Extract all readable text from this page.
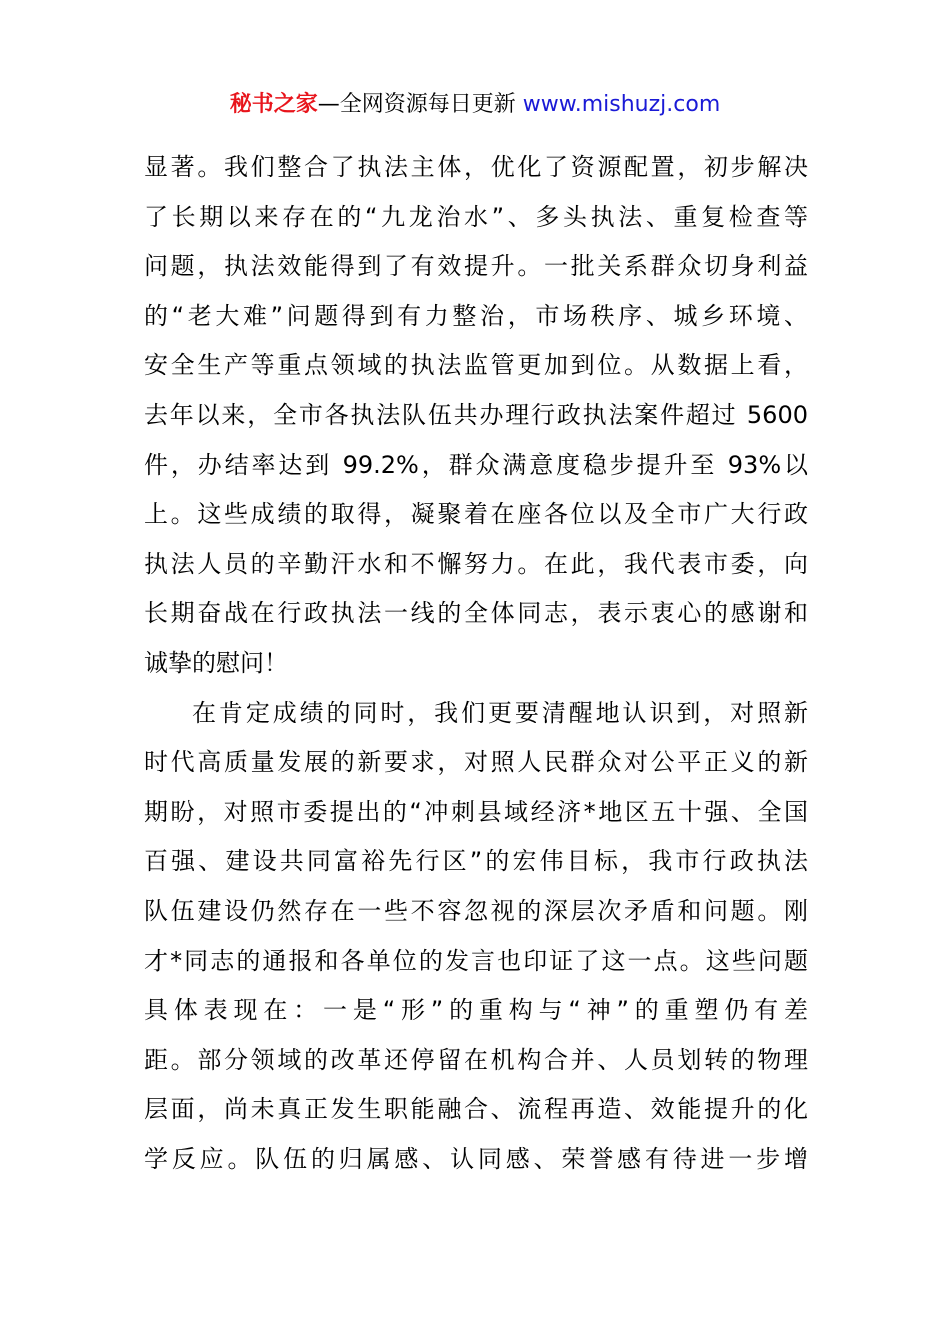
秘书之家—全网资源每日更新 www.mishuzj.com
显著。我们整合了执法主体，优化了资源配置，初步解决
了长期以来存在的“九龙治水”、多头执法、重复检查等
问题，执法效能得到了有效提升。一批关系群众切身利益
的“老大难”问题得到有力整治，市场秩序、城乡环境、
安全生产等重点领域的执法监管更加到位。从数据上看，
去年以来，全市各执法队伍共办理行政执法案件超过 5600
件，办结率达到 99.2%，群众满意度稳步提升至 93%以
上。这些成绩的取得，凝聚着在座各位以及全市广大行政
执法人员的辛勤汗水和不懈努力。在此，我代表市委，向
长期奋战在行政执法一线的全体同志，表示衷心的感谢和
诚挚的慰问！
在肯定成绩的同时，我们更要清醒地认识到，对照新
时代高质量发展的新要求，对照人民群众对公平正义的新
期盼，对照市委提出的“冲刺县域经济*地区五十强、全国
百强、建设共同富裕先行区”的宏伟目标，我市行政执法
队伍建设仍然存在一些不容忽视的深层次矛盾和问题。刚
才*同志的通报和各单位的发言也印证了这一点。这些问题
具体表现在：一是“形”的重构与“神”的重塑仍有差
距。部分领域的改革还停留在机构合并、人员划转的物理
层面，尚未真正发生职能融合、流程再造、效能提升的化
学反应。队伍的归属感、认同感、荣誉感有待进一步增
